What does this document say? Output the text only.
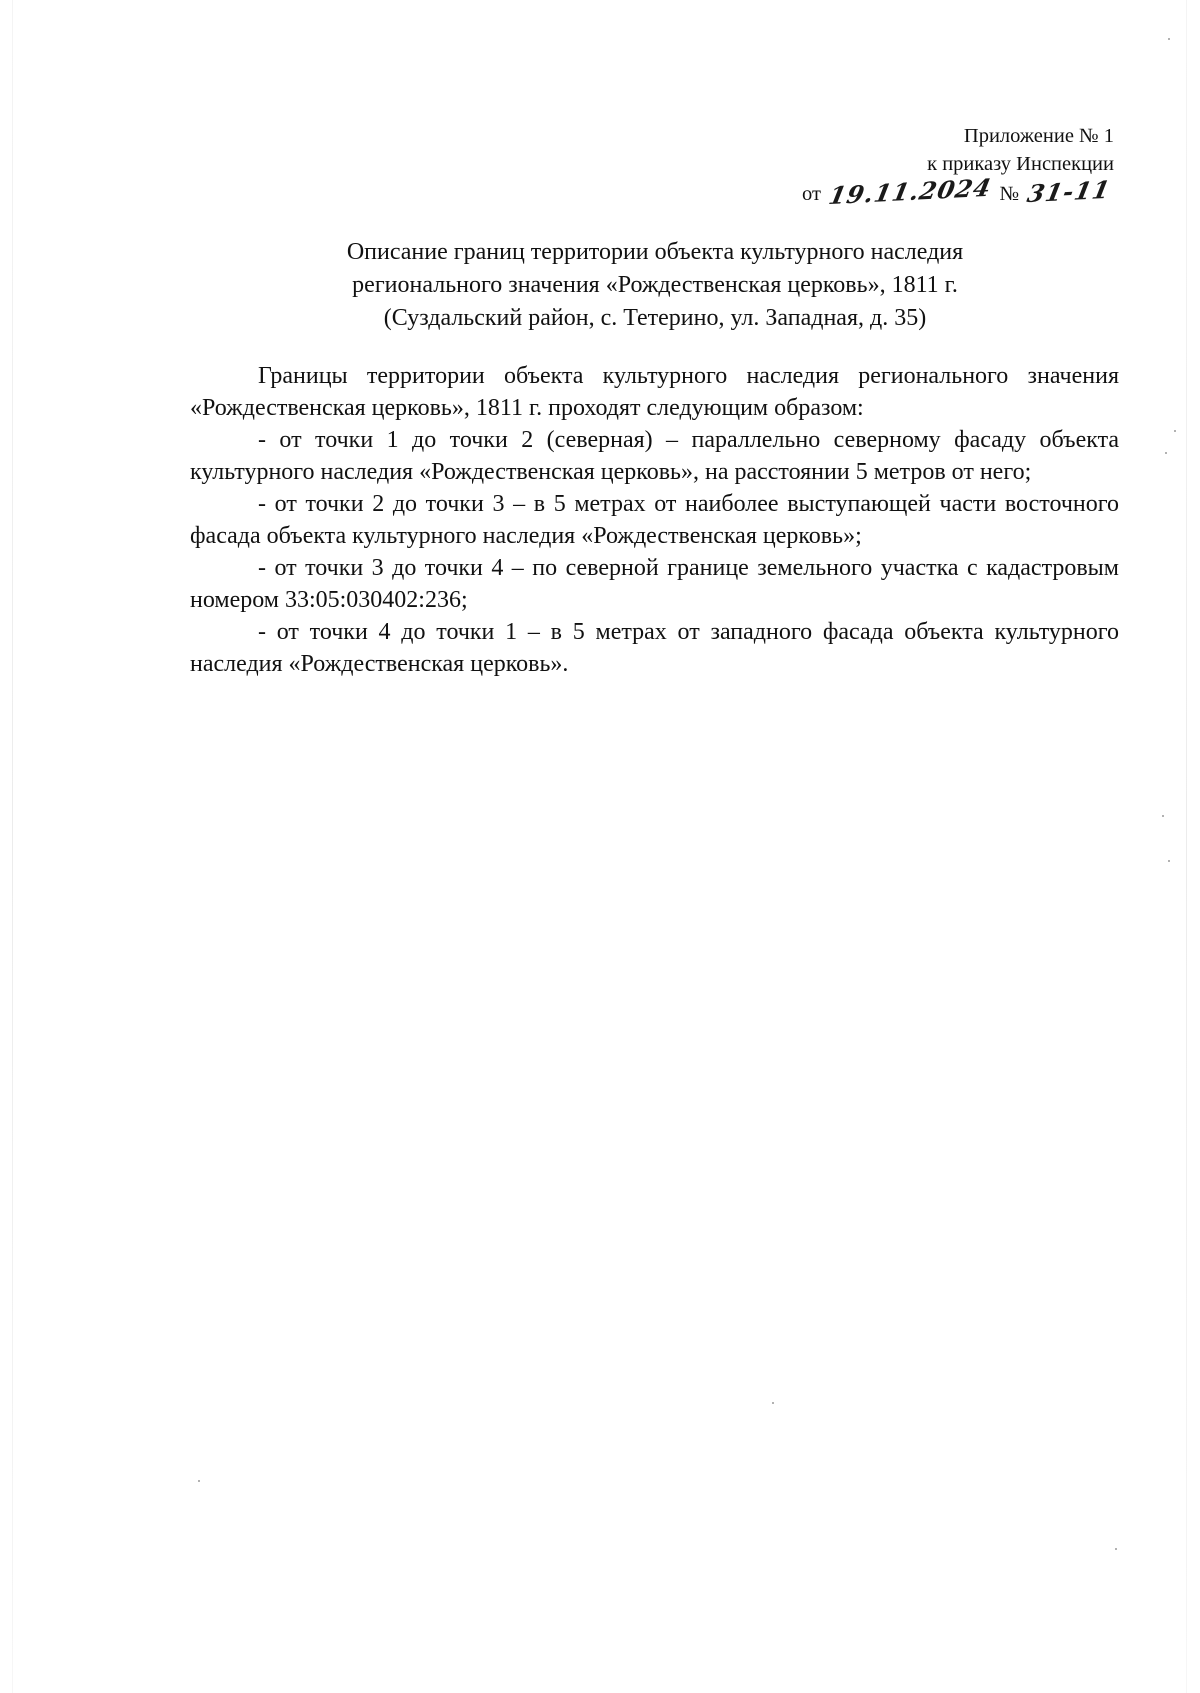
Приложение № 1
к приказу Инспекции
от 19.11.2024 № 31-11
Описание границ территории объекта культурного наследия
регионального значения «Рождественская церковь», 1811 г.
(Суздальский район, с. Тетерино, ул. Западная, д. 35)

Границы территории объекта культурного наследия регионального значения «Рождественская церковь», 1811 г. проходят следующим образом:

- от точки 1 до точки 2 (северная) – параллельно северному фасаду объекта культурного наследия «Рождественская церковь», на расстоянии 5 метров от него;

- от точки 2 до точки 3 – в 5 метрах от наиболее выступающей части восточного фасада объекта культурного наследия «Рождественская церковь»;

- от точки 3 до точки 4 – по северной границе земельного участка с кадастровым номером 33:05:030402:236;

- от точки 4 до точки 1 – в 5 метрах от западного фасада объекта культурного наследия «Рождественская церковь».
